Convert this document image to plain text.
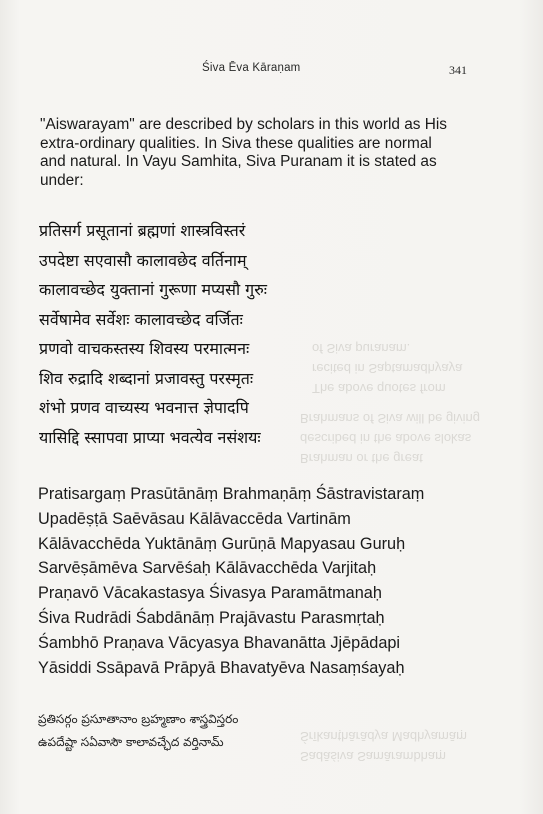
The above quotes from
recited in Saptamadhyaya
of Siva puranam.
Brahman or the great
described in the above slokas
Brahmans of Siva will be giving
Sadāśiva Samārambhaṃ
Śrīkanṭhārādya Madhyamāṃ
Śiva Ēva Kāraṇam	341

"Aiswarayam" are described by scholars in this world as His

extra-ordinary qualities. In Siva these qualities are normal

and natural. In Vayu Samhita, Siva Puranam it is stated as

under:

प्रतिसर्ग प्रसूतानां ब्रह्मणां शास्त्रविस्तरं

उपदेष्टा सएवासौ कालावछेद वर्तिनाम्

कालावच्छेद युक्तानां गुरूणा मप्यसौ गुरुः

सर्वेषामेव सर्वेशः कालावच्छेद वर्जितः

प्रणवो वाचकस्तस्य शिवस्य परमात्मनः

शिव रुद्रादि शब्दानां प्रजावस्तु परस्मृतः

शंभो प्रणव वाच्यस्य भवनात्त ज्ञेपादपि

यासिद्दि स्सापवा प्राप्या भवत्येव नसंशयः

Pratisargaṃ Prasūtānāṃ Brahmaṇāṃ Śāstravistaraṃ

Upadēṣṭā Saēvāsau Kālāvaccēda Vartinām

Kālāvacchēda Yuktānāṃ Gurūṇā Mapyasau Guruḥ

Sarvēṣāmēva Sarvēśaḥ Kālāvacchēda Varjitaḥ

Praṇavō Vācakastasya Śivasya Paramātmanaḥ

Śiva Rudrādi Śabdānāṃ Prajāvastu Parasmṛtaḥ

Śambhō Praṇava Vācyasya Bhavanātta Jjēpādapi

Yāsiddi Ssāpavā Prāpyā Bhavatyēva Nasaṃśayaḥ

ప్రతిసర్గం ప్రసూతానాం బ్రహ్మణాం శాస్త్రవిస్తరం

ఉపదేష్టా సఏవాసౌ కాలావచ్ఛేద వర్తినామ్
